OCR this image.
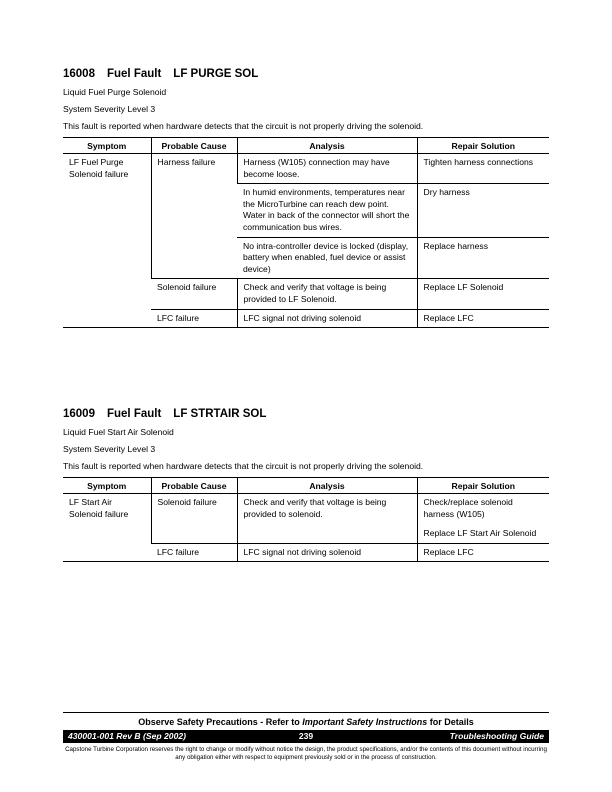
16008 Fuel Fault LF PURGE SOL
Liquid Fuel Purge Solenoid
System Severity Level 3
This fault is reported when hardware detects that the circuit is not properly driving the solenoid.
Symptom	Probable Cause	Analysis	Repair Solution
LF Fuel Purge Solenoid failure	Harness failure	Harness (W105) connection may have become loose.	Tighten harness connections
		In humid environments, temperatures near the MicroTurbine can reach dew point. Water in back of the connector will short the communication bus wires.	Dry harness
		No intra-controller device is locked (display, battery when enabled, fuel device or assist device)	Replace harness
	Solenoid failure	Check and verify that voltage is being provided to LF Solenoid.	Replace LF Solenoid
	LFC failure	LFC signal not driving solenoid	Replace LFC
16009 Fuel Fault LF STRTAIR SOL
Liquid Fuel Start Air Solenoid
System Severity Level 3
This fault is reported when hardware detects that the circuit is not properly driving the solenoid.
Symptom	Probable Cause	Analysis	Repair Solution
LF Start Air Solenoid failure	Solenoid failure	Check and verify that voltage is being provided to solenoid.	Check/replace solenoid harness (W105)
Replace LF Start Air Solenoid

	LFC failure	LFC signal not driving solenoid	Replace LFC
Observe Safety Precautions - Refer to Important Safety Instructions for Details
239
430001-001 Rev B (Sep 2002)	Troubleshooting Guide
Capstone Turbine Corporation reserves the right to change or modify without notice the design, the product specifications, and/or the contents of this document without incurring any obligation either with respect to equipment previously sold or in the process of construction.
